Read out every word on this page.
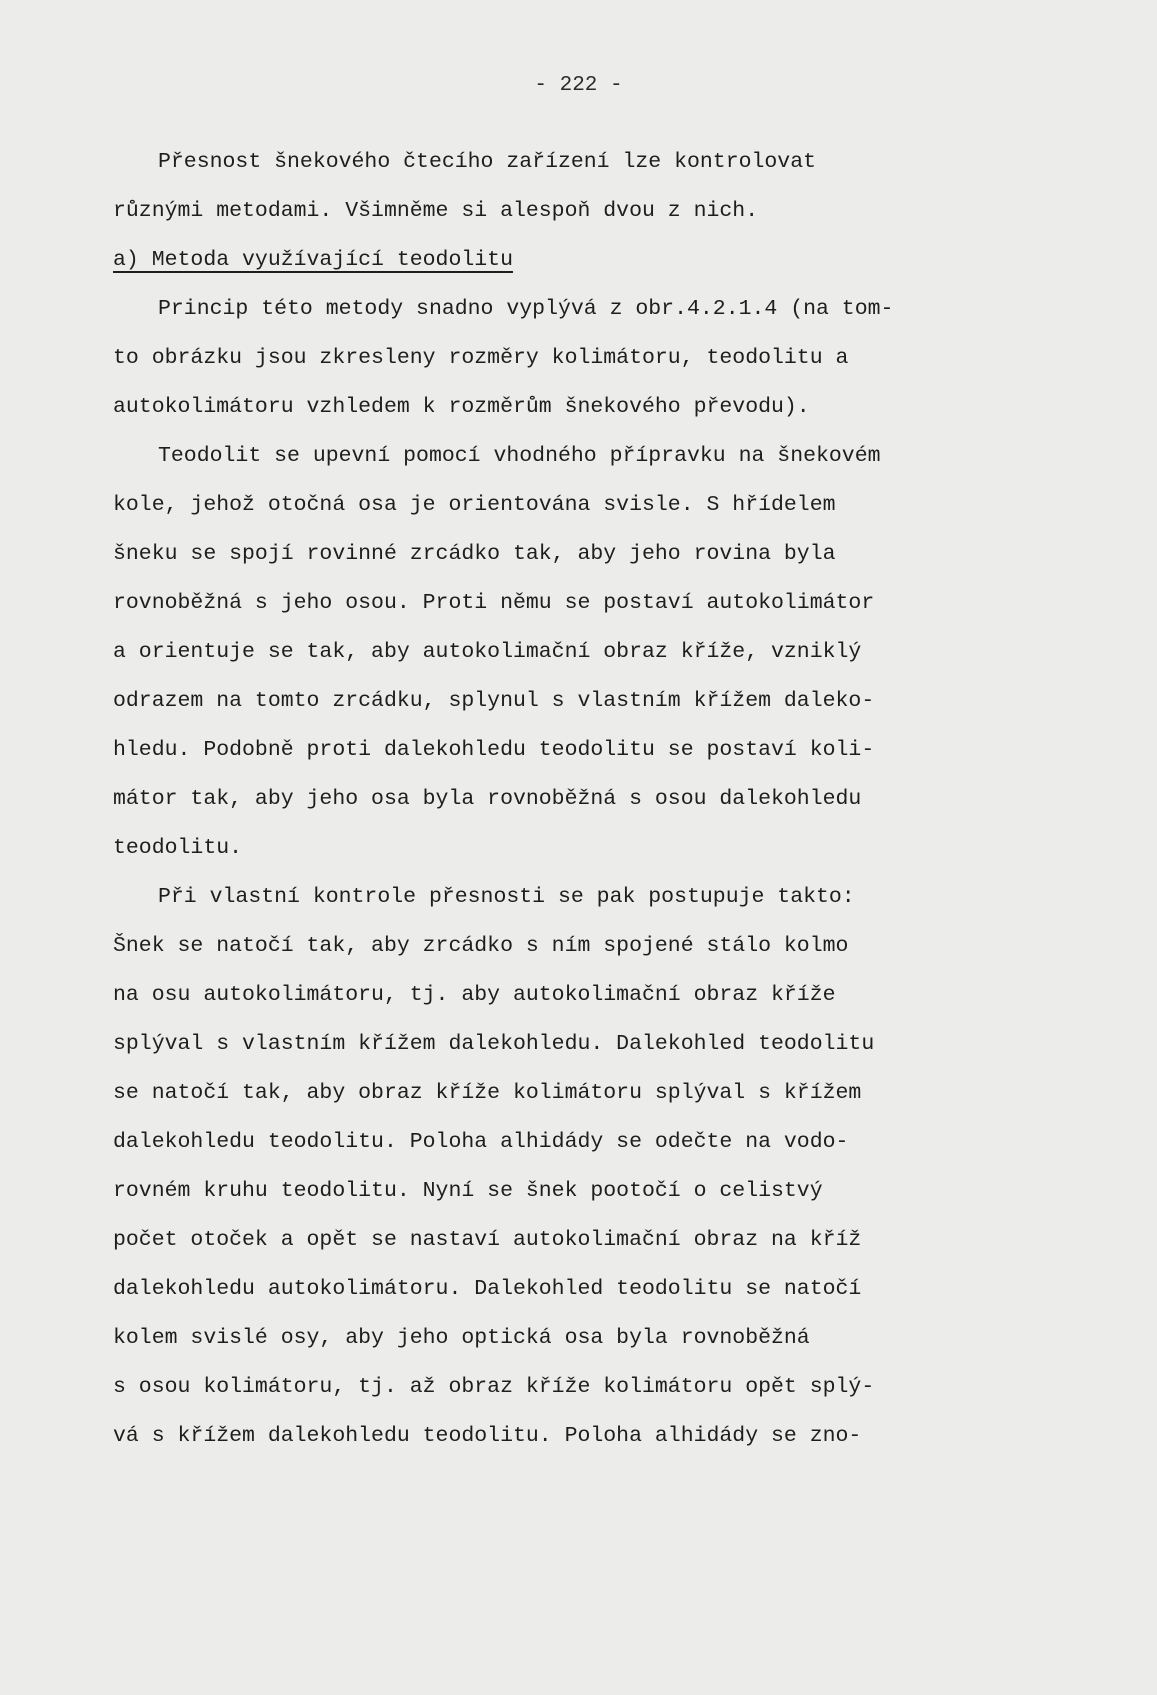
- 222 -
Přesnost šnekového čtecího zařízení lze kontrolovat
různými metodami. Všimněme si alespoň dvou z nich.
a) Metoda využívající teodolitu
Princip této metody snadno vyplývá z obr.4.2.1.4 (na tom-
to obrázku jsou zkresleny rozměry kolimátoru, teodolitu a
autokolimátoru vzhledem k rozměrům šnekového převodu).
Teodolit se upevní pomocí vhodného přípravku na šnekovém
kole, jehož otočná osa je orientována svisle. S hřídelem
šneku se spojí rovinné zrcádko tak, aby jeho rovina byla
rovnoběžná s jeho osou. Proti němu se postaví autokolimátor
a orientuje se tak, aby autokolimační obraz kříže, vzniklý
odrazem na tomto zrcádku, splynul s vlastním křížem daleko-
hledu. Podobně proti dalekohledu teodolitu se postaví koli-
mátor tak, aby jeho osa byla rovnoběžná s osou dalekohledu
teodolitu.
Při vlastní kontrole přesnosti se pak postupuje takto:
Šnek se natočí tak, aby zrcádko s ním spojené stálo kolmo
na osu autokolimátoru, tj. aby autokolimační obraz kříže
splýval s vlastním křížem dalekohledu. Dalekohled teodolitu
se natočí tak, aby obraz kříže kolimátoru splýval s křížem
dalekohledu teodolitu. Poloha alhidády se odečte na vodo-
rovném kruhu teodolitu. Nyní se šnek pootočí o celistvý
počet otoček a opět se nastaví autokolimační obraz na kříž
dalekohledu autokolimátoru. Dalekohled teodolitu se natočí
kolem svislé osy, aby jeho optická osa byla rovnoběžná
s osou kolimátoru, tj. až obraz kříže kolimátoru opět splý-
vá s křížem dalekohledu teodolitu. Poloha alhidády se zno-
